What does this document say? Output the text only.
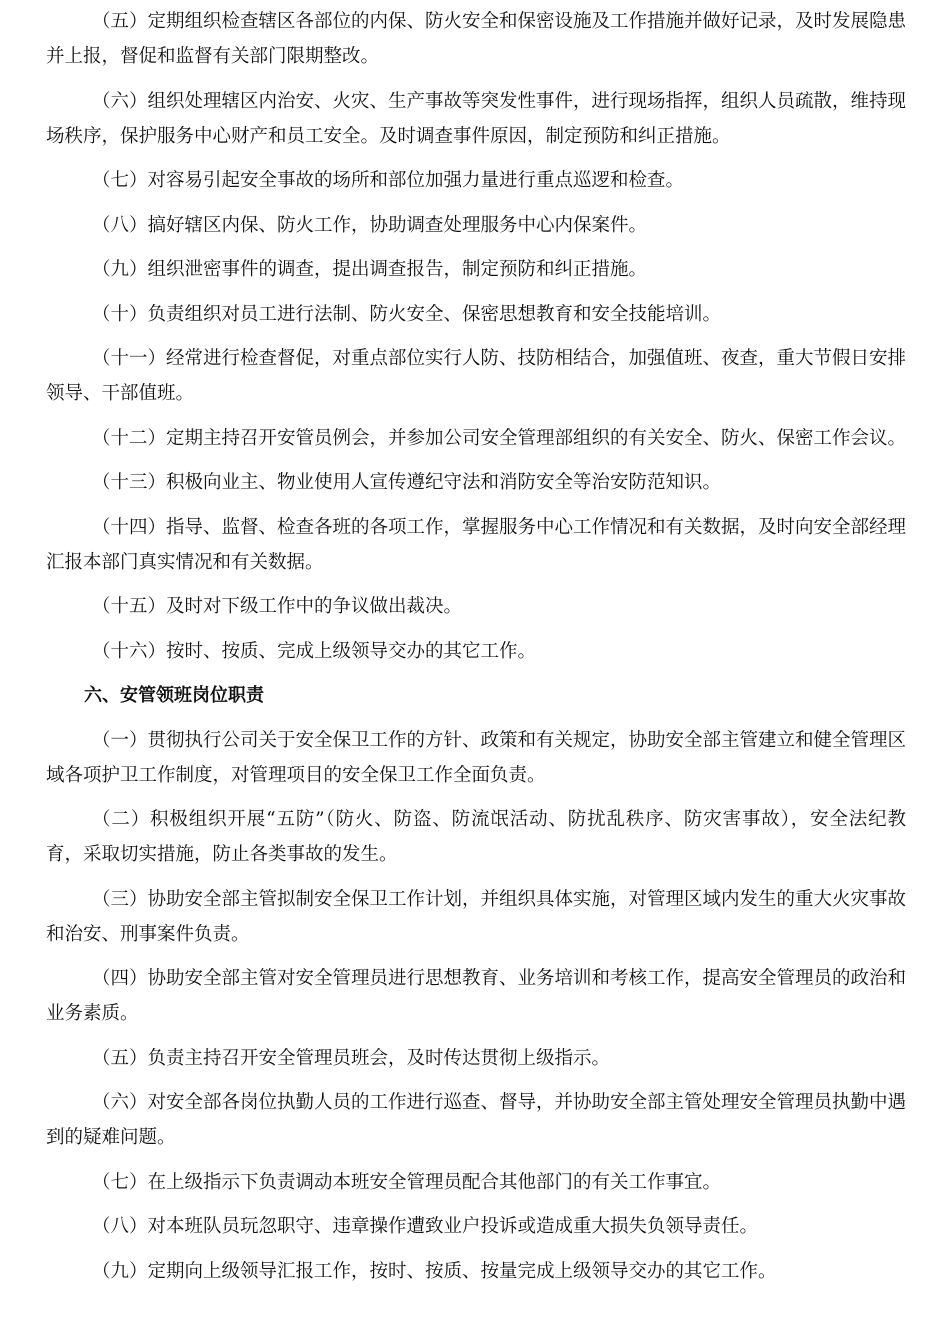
（五）定期组织检查辖区各部位的内保、防火安全和保密设施及工作措施并做好记录，及时发展隐患并上报，督促和监督有关部门限期整改。

（六）组织处理辖区内治安、火灾、生产事故等突发性事件，进行现场指挥，组织人员疏散，维持现场秩序，保护服务中心财产和员工安全。及时调查事件原因，制定预防和纠正措施。

（七）对容易引起安全事故的场所和部位加强力量进行重点巡逻和检查。

（八）搞好辖区内保、防火工作，协助调查处理服务中心内保案件。

（九）组织泄密事件的调查，提出调查报告，制定预防和纠正措施。

（十）负责组织对员工进行法制、防火安全、保密思想教育和安全技能培训。

（十一）经常进行检查督促，对重点部位实行人防、技防相结合，加强值班、夜查，重大节假日安排领导、干部值班。

（十二）定期主持召开安管员例会，并参加公司安全管理部组织的有关安全、防火、保密工作会议。

（十三）积极向业主、物业使用人宣传遵纪守法和消防安全等治安防范知识。

（十四）指导、监督、检查各班的各项工作，掌握服务中心工作情况和有关数据，及时向安全部经理汇报本部门真实情况和有关数据。

（十五）及时对下级工作中的争议做出裁决。

（十六）按时、按质、完成上级领导交办的其它工作。

六、安管领班岗位职责

（一）贯彻执行公司关于安全保卫工作的方针、政策和有关规定，协助安全部主管建立和健全管理区域各项护卫工作制度，对管理项目的安全保卫工作全面负责。

（二）积极组织开展“五防”（防火、防盗、防流氓活动、防扰乱秩序、防灾害事故），安全法纪教育，采取切实措施，防止各类事故的发生。

（三）协助安全部主管拟制安全保卫工作计划，并组织具体实施，对管理区域内发生的重大火灾事故和治安、刑事案件负责。

（四）协助安全部主管对安全管理员进行思想教育、业务培训和考核工作，提高安全管理员的政治和业务素质。

（五）负责主持召开安全管理员班会，及时传达贯彻上级指示。

（六）对安全部各岗位执勤人员的工作进行巡查、督导，并协助安全部主管处理安全管理员执勤中遇到的疑难问题。

（七）在上级指示下负责调动本班安全管理员配合其他部门的有关工作事宜。

（八）对本班队员玩忽职守、违章操作遭致业户投诉或造成重大损失负领导责任。

（九）定期向上级领导汇报工作，按时、按质、按量完成上级领导交办的其它工作。
